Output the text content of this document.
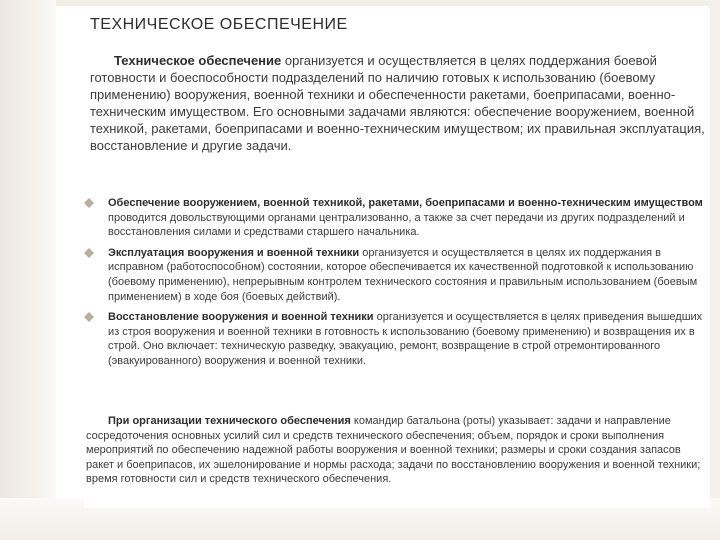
ТЕХНИЧЕСКОЕ ОБЕСПЕЧЕНИЕ

Техническое обеспечение организуется и осуществляется в целях поддержания боевой готовности и боеспособности подразделений по наличию готовых к использованию (боевому применению) вооружения, военной техники и обеспеченности ракетами, боеприпасами, военно-техническим имуществом. Его основными задачами являются: обеспечение вооружением, военной техникой, ракетами, боеприпасами и военно-техническим имуществом; их правильная эксплуатация, восстановление и другие задачи.

Обеспечение вооружением, военной техникой, ракетами, боеприпасами и военно-техническим имуществом проводится довольствующими органами централизованно, а также за счет передачи из других подразделений и восстановления силами и средствами старшего начальника.
Эксплуатация вооружения и военной техники организуется и осуществляется в целях их поддержания в исправном (работоспособном) состоянии, которое обеспечивается их качественной подготовкой к использованию (боевому применению), непрерывным контролем технического состояния и правильным использованием (боевым применением) в ходе боя (боевых действий).
Восстановление вооружения и военной техники организуется и осуществляется в целях приведения вышедших из строя вооружения и военной техники в готовность к использованию (боевому применению) и возвращения их в строй. Оно включает: техническую разведку, эвакуацию, ремонт, возвращение в строй отремонтированного (эвакуированного) вооружения и военной техники.

При организации технического обеспечения командир батальона (роты) указывает: задачи и направление сосредоточения основных усилий сил и средств технического обеспечения; объем, порядок и сроки выполнения мероприятий по обеспечению надежной работы вооружения и военной техники; размеры и сроки создания запасов ракет и боеприпасов, их эшелонирование и нормы расхода; задачи по восстановлению вооружения и военной техники; время готовности сил и средств технического обеспечения.
